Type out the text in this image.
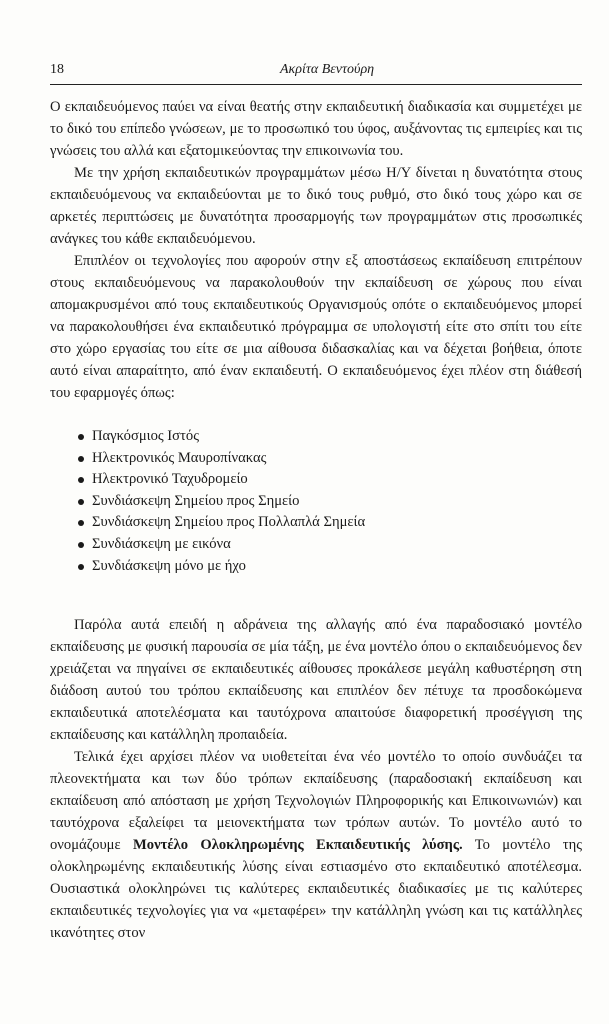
18	Ακρίτα Βεντούρη

Ο εκπαιδευόμενος παύει να είναι θεατής στην εκπαιδευτική διαδικασία και συμμετέχει με το δικό του επίπεδο γνώσεων, με το προσωπικό του ύφος, αυξάνοντας τις εμπειρίες και τις γνώσεις του αλλά και εξατομικεύοντας την επικοινωνία του.

Με την χρήση εκπαιδευτικών προγραμμάτων μέσω Η/Υ δίνεται η δυνατότητα στους εκπαιδευόμενους να εκπαιδεύονται με το δικό τους ρυθμό, στο δικό τους χώρο και σε αρκετές περιπτώσεις με δυνατότητα προσαρμογής των προγραμμάτων στις προσωπικές ανάγκες του κάθε εκπαιδευόμενου.

Επιπλέον οι τεχνολογίες που αφορούν στην εξ αποστάσεως εκπαίδευση επιτρέπουν στους εκπαιδευόμενους να παρακολουθούν την εκπαίδευση σε χώρους που είναι απομακρυσμένοι από τους εκπαιδευτικούς Οργανισμούς οπότε ο εκπαιδευόμενος μπορεί να παρακολουθήσει ένα εκπαιδευτικό πρόγραμμα σε υπολογιστή είτε στο σπίτι του είτε στο χώρο εργασίας του είτε σε μια αίθουσα διδασκαλίας και να δέχεται βοήθεια, όποτε αυτό είναι απαραίτητο, από έναν εκπαιδευτή. Ο εκπαιδευόμενος έχει πλέον στη διάθεσή του εφαρμογές όπως:

Παγκόσμιος Ιστός
Ηλεκτρονικός Μαυροπίνακας
Ηλεκτρονικό Ταχυδρομείο
Συνδιάσκεψη Σημείου προς Σημείο
Συνδιάσκεψη Σημείου προς Πολλαπλά Σημεία
Συνδιάσκεψη με εικόνα
Συνδιάσκεψη μόνο με ήχο

Παρόλα αυτά επειδή η αδράνεια της αλλαγής από ένα παραδοσιακό μοντέλο εκπαίδευσης με φυσική παρουσία σε μία τάξη, με ένα μοντέλο όπου ο εκπαιδευόμενος δεν χρειάζεται να πηγαίνει σε εκπαιδευτικές αίθουσες προκάλεσε μεγάλη καθυστέρηση στη διάδοση αυτού του τρόπου εκπαίδευσης και επιπλέον δεν πέτυχε τα προσδοκώμενα εκπαιδευτικά αποτελέσματα και ταυτόχρονα απαιτούσε διαφορετική προσέγγιση της εκπαίδευσης και κατάλληλη προπαιδεία.

Τελικά έχει αρχίσει πλέον να υιοθετείται ένα νέο μοντέλο το οποίο συνδυάζει τα πλεονεκτήματα και των δύο τρόπων εκπαίδευσης (παραδοσιακή εκπαίδευση και εκπαίδευση από απόσταση με χρήση Τεχνολογιών Πληροφορικής και Επικοινωνιών) και ταυτόχρονα εξαλείφει τα μειονεκτήματα των τρόπων αυτών. Το μοντέλο αυτό το ονομάζουμε Μοντέλο Ολοκληρωμένης Εκπαιδευτικής λύσης. Το μοντέλο της ολοκληρωμένης εκπαιδευτικής λύσης είναι εστιασμένο στο εκπαιδευτικό αποτέλεσμα. Ουσιαστικά ολοκληρώνει τις καλύτερες εκπαιδευτικές διαδικασίες με τις καλύτερες εκπαιδευτικές τεχνολογίες για να «μεταφέρει» την κατάλληλη γνώση και τις κατάλληλες ικανότητες στον
